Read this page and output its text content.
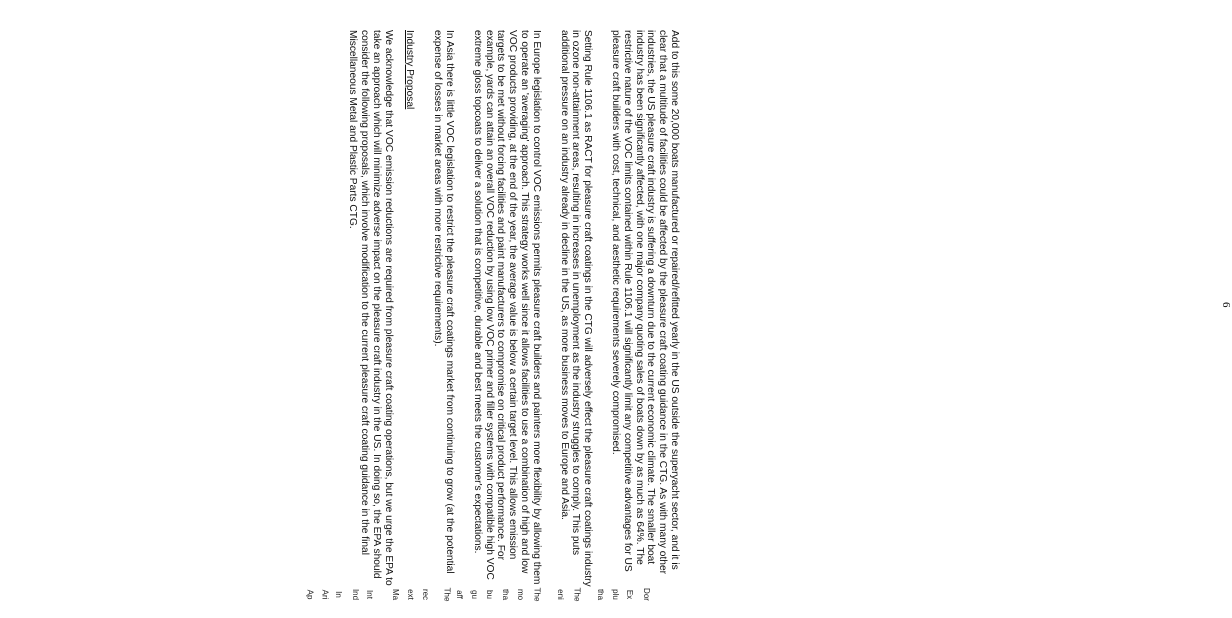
Add to this some 20,000 boats manufactured or repaired/refitted yearly in the US outside the superyacht sector, and it is clear that a multitude of facilities could be affected by the pleasure craft coating guidance in the CTG. As with many other industries, the US pleasure craft industry is suffering a downturn due to the current economic climate. The smaller boat industry has been significantly affected, with one major company quoting sales of boats down by as much as 64%. The restrictive nature of the VOC limits contained within Rule 1106.1 will significantly limit any competitive advantages for US pleasure craft builders with cost, technical, and aesthetic requirements severely compromised.

Setting Rule 1106.1 as RACT for pleasure craft coatings in the CTG will adversely effect the pleasure craft coatings industry in ozone non-attainment areas, resulting in increases in unemployment as the industry struggles to comply. This puts additional pressure on an industry already in decline in the US, as more business moves to Europe and Asia.

In Europe legislation to control VOC emissions permits pleasure craft builders and painters more flexibility by allowing them to operate an 'averaging' approach. This strategy works well since it allows facilities to use a combination of high and low VOC products providing, at the end of the year, the average value is below a certain target level. This allows emission targets to be met without forcing facilities and paint manufacturers to compromise on critical product performance. For example, yards can attain an overall VOC reduction by using low VOC primer and filler systems with compatible high VOC extreme gloss topcoats to deliver a solution that is competitive, durable and best meets the customer's expectations.

In Asia there is little VOC legislation to restrict the pleasure craft coatings market from continuing to grow (at the potential expense of losses in market areas with more restrictive requirements).

Industry Proposal

We acknowledge that VOC emission reductions are required from pleasure craft coating operations, but we urge the EPA to take an approach which will minimize adverse impact on the pleasure craft industry in the US. In doing so, the EPA should consider the following proposals, which involve modification to the current pleasure craft coating guidance in the final Miscellaneous Metal and Plastic Parts CTG.

6
Dor
Ex
plu
tha
The
eni
The
mo
tha
bu
gu
aff
The
rec
ext
Ma
Int
Ind
In
Ari
Ap
